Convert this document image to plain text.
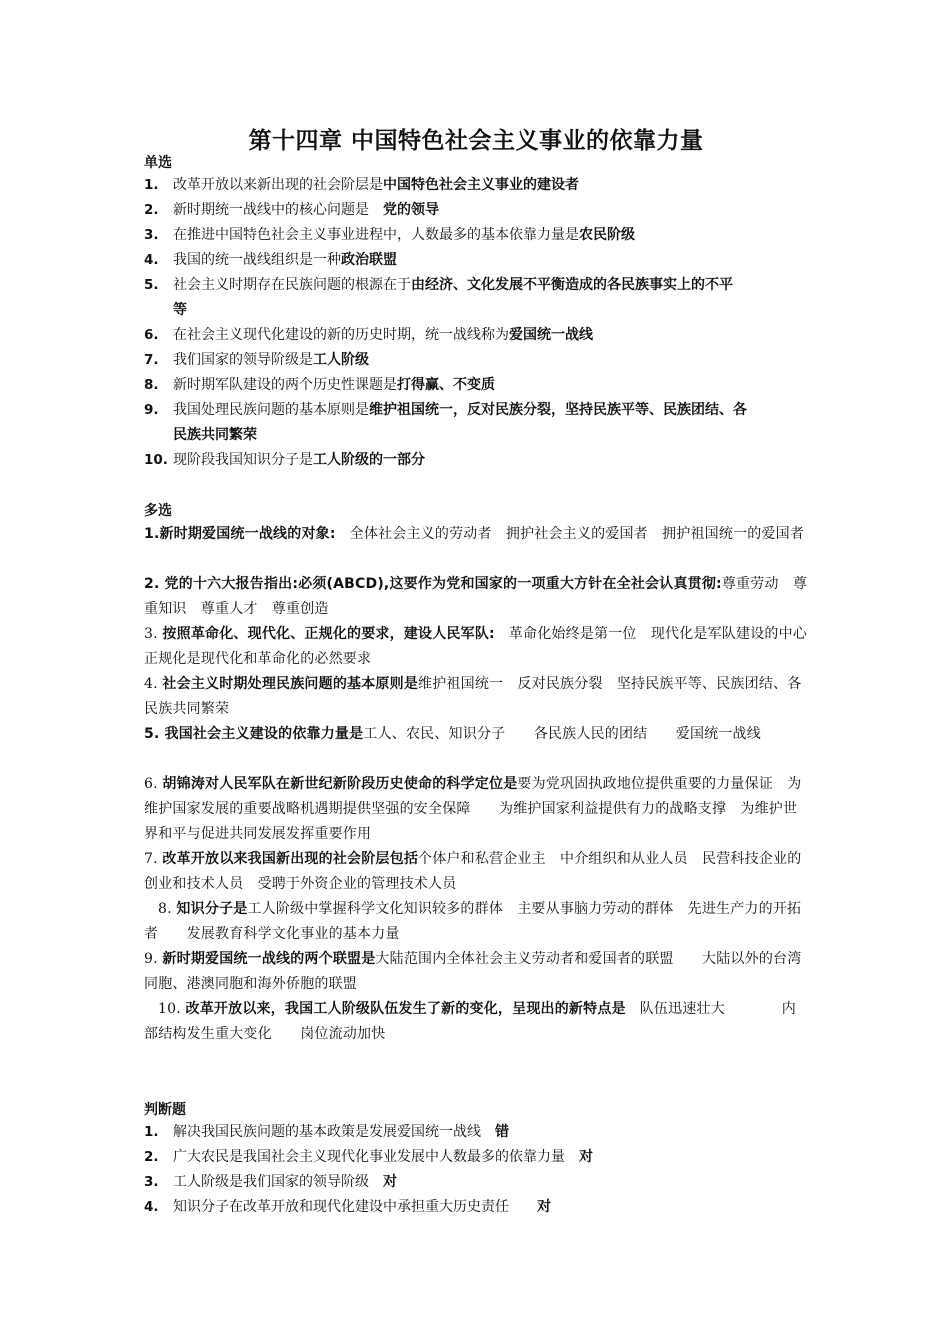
第十四章 中国特色社会主义事业的依靠力量
单选
1. 改革开放以来新出现的社会阶层是中国特色社会主义事业的建设者
2. 新时期统一战线中的核心问题是　党的领导
3. 在推进中国特色社会主义事业进程中，人数最多的基本依靠力量是农民阶级
4. 我国的统一战线组织是一种政治联盟
5. 社会主义时期存在民族问题的根源在于由经济、文化发展不平衡造成的各民族事实上的不平
等
6. 在社会主义现代化建设的新的历史时期，统一战线称为爱国统一战线
7. 我们国家的领导阶级是工人阶级
8. 新时期军队建设的两个历史性课题是打得赢、不变质
9. 我国处理民族问题的基本原则是维护祖国统一，反对民族分裂，坚持民族平等、民族团结、各
民族共同繁荣
10. 现阶段我国知识分子是工人阶级的一部分
多选
1.新时期爱国统一战线的对象: 全体社会主义的劳动者　拥护社会主义的爱国者　拥护祖国统一的爱国者
2. 党的十六大报告指出:必须(ABCD),这要作为党和国家的一项重大方针在全社会认真贯彻:尊重劳动　尊重知识　尊重人才　尊重创造
3. 按照革命化、现代化、正规化的要求，建设人民军队: 革命化始终是第一位　现代化是军队建设的中心　正规化是现代化和革命化的必然要求
4. 社会主义时期处理民族问题的基本原则是维护祖国统一　反对民族分裂　坚持民族平等、民族团结、各民族共同繁荣
5. 我国社会主义建设的依靠力量是工人、农民、知识分子　　各民族人民的团结　　爱国统一战线
6. 胡锦涛对人民军队在新世纪新阶段历史使命的科学定位是要为党巩固执政地位提供重要的力量保证　为维护国家发展的重要战略机遇期提供坚强的安全保障　　为维护国家利益提供有力的战略支撑　为维护世界和平与促进共同发展发挥重要作用
7. 改革开放以来我国新出现的社会阶层包括个体户和私营企业主　中介组织和从业人员　民营科技企业的创业和技术人员　受聘于外资企业的管理技术人员
8. 知识分子是工人阶级中掌握科学文化知识较多的群体　主要从事脑力劳动的群体　先进生产力的开拓者　　发展教育科学文化事业的基本力量
9. 新时期爱国统一战线的两个联盟是大陆范围内全体社会主义劳动者和爱国者的联盟　　大陆以外的台湾同胞、港澳同胞和海外侨胞的联盟
10. 改革开放以来，我国工人阶级队伍发生了新的变化，呈现出的新特点是 队伍迅速壮大　　　　内部结构发生重大变化　　岗位流动加快
判断题
1. 解决我国民族问题的基本政策是发展爱国统一战线 错
2. 广大农民是我国社会主义现代化事业发展中人数最多的依靠力量 对
3. 工人阶级是我们国家的领导阶级 对
4. 知识分子在改革开放和现代化建设中承担重大历史责任 对
